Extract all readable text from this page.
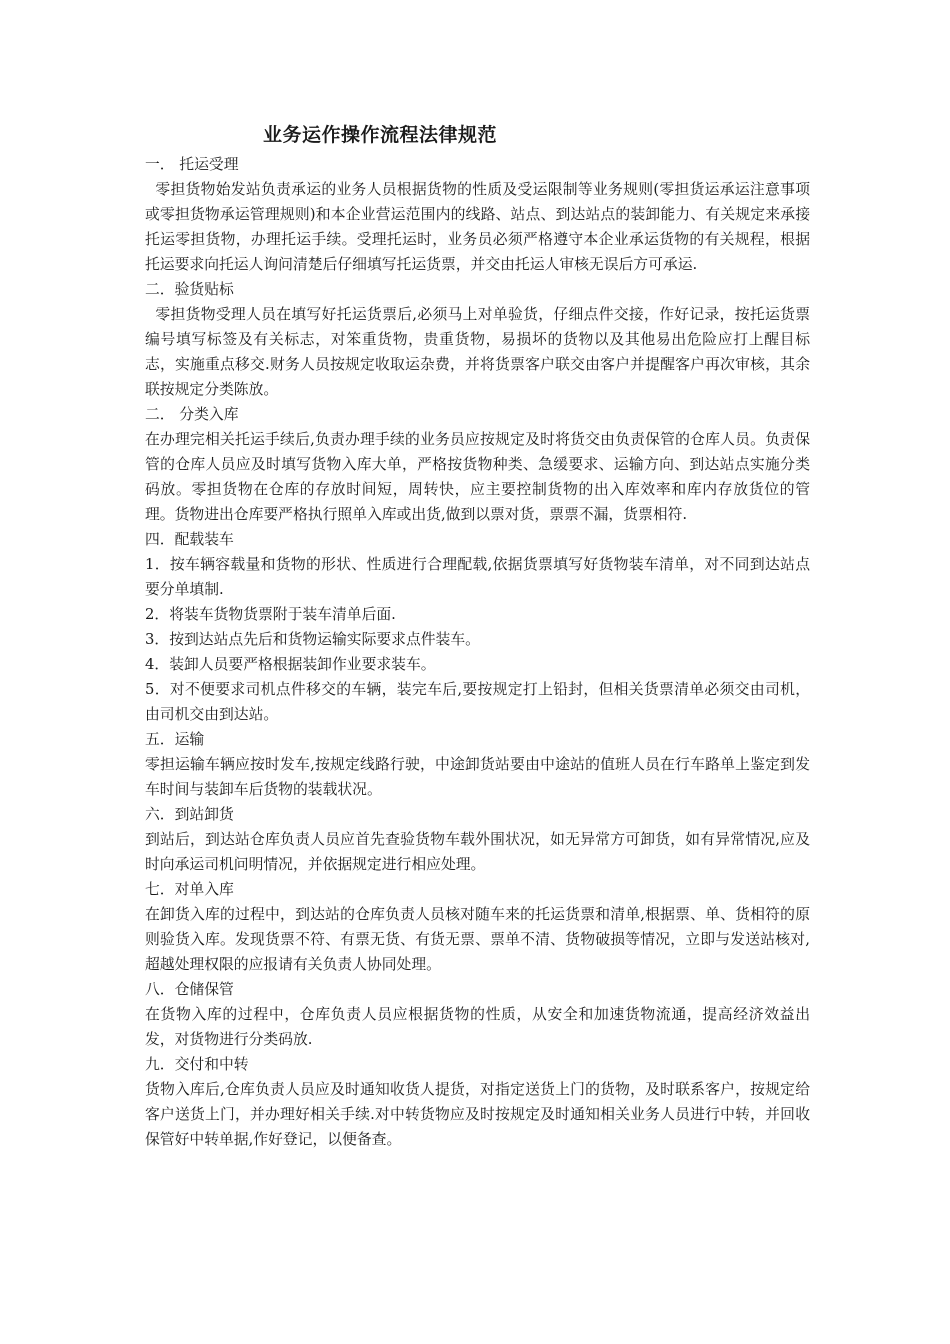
业务运作操作流程法律规范

一． 托运受理

零担货物始发站负责承运的业务人员根据货物的性质及受运限制等业务规则(零担货运承运注意事项或零担货物承运管理规则)和本企业营运范围内的线路、站点、到达站点的装卸能力、有关规定来承接托运零担货物，办理托运手续。受理托运时，业务员必须严格遵守本企业承运货物的有关规程，根据托运要求向托运人询问清楚后仔细填写托运货票，并交由托运人审核无误后方可承运.

二．验货贴标

零担货物受理人员在填写好托运货票后,必须马上对单验货，仔细点件交接，作好记录，按托运货票编号填写标签及有关标志，对笨重货物，贵重货物，易损坏的货物以及其他易出危险应打上醒目标志，实施重点移交.财务人员按规定收取运杂费，并将货票客户联交由客户并提醒客户再次审核，其余联按规定分类陈放。

二． 分类入库

在办理完相关托运手续后,负责办理手续的业务员应按规定及时将货交由负责保管的仓库人员。负责保管的仓库人员应及时填写货物入库大单，严格按货物种类、急缓要求、运输方向、到达站点实施分类码放。零担货物在仓库的存放时间短，周转快，应主要控制货物的出入库效率和库内存放货位的管理。货物进出仓库要严格执行照单入库或出货,做到以票对货，票票不漏，货票相符.

四．配载装车

1．按车辆容载量和货物的形状、性质进行合理配载,依据货票填写好货物装车清单，对不同到达站点要分单填制.

2．将装车货物货票附于装车清单后面.

3．按到达站点先后和货物运输实际要求点件装车。

4．装卸人员要严格根据装卸作业要求装车。

5．对不便要求司机点件移交的车辆，装完车后,要按规定打上铅封，但相关货票清单必须交由司机，由司机交由到达站。

五．运输

零担运输车辆应按时发车,按规定线路行驶，中途卸货站要由中途站的值班人员在行车路单上鉴定到发车时间与装卸车后货物的装载状况。

六．到站卸货

到站后，到达站仓库负责人员应首先查验货物车载外围状况，如无异常方可卸货，如有异常情况,应及时向承运司机问明情况，并依据规定进行相应处理。

七．对单入库

在卸货入库的过程中，到达站的仓库负责人员核对随车来的托运货票和清单,根据票、单、货相符的原则验货入库。发现货票不符、有票无货、有货无票、票单不清、货物破损等情况，立即与发送站核对,超越处理权限的应报请有关负责人协同处理。

八．仓储保管

在货物入库的过程中，仓库负责人员应根据货物的性质，从安全和加速货物流通，提高经济效益出发，对货物进行分类码放.

九．交付和中转

货物入库后,仓库负责人员应及时通知收货人提货，对指定送货上门的货物，及时联系客户，按规定给客户送货上门，并办理好相关手续.对中转货物应及时按规定及时通知相关业务人员进行中转，并回收保管好中转单据,作好登记，以便备查。
